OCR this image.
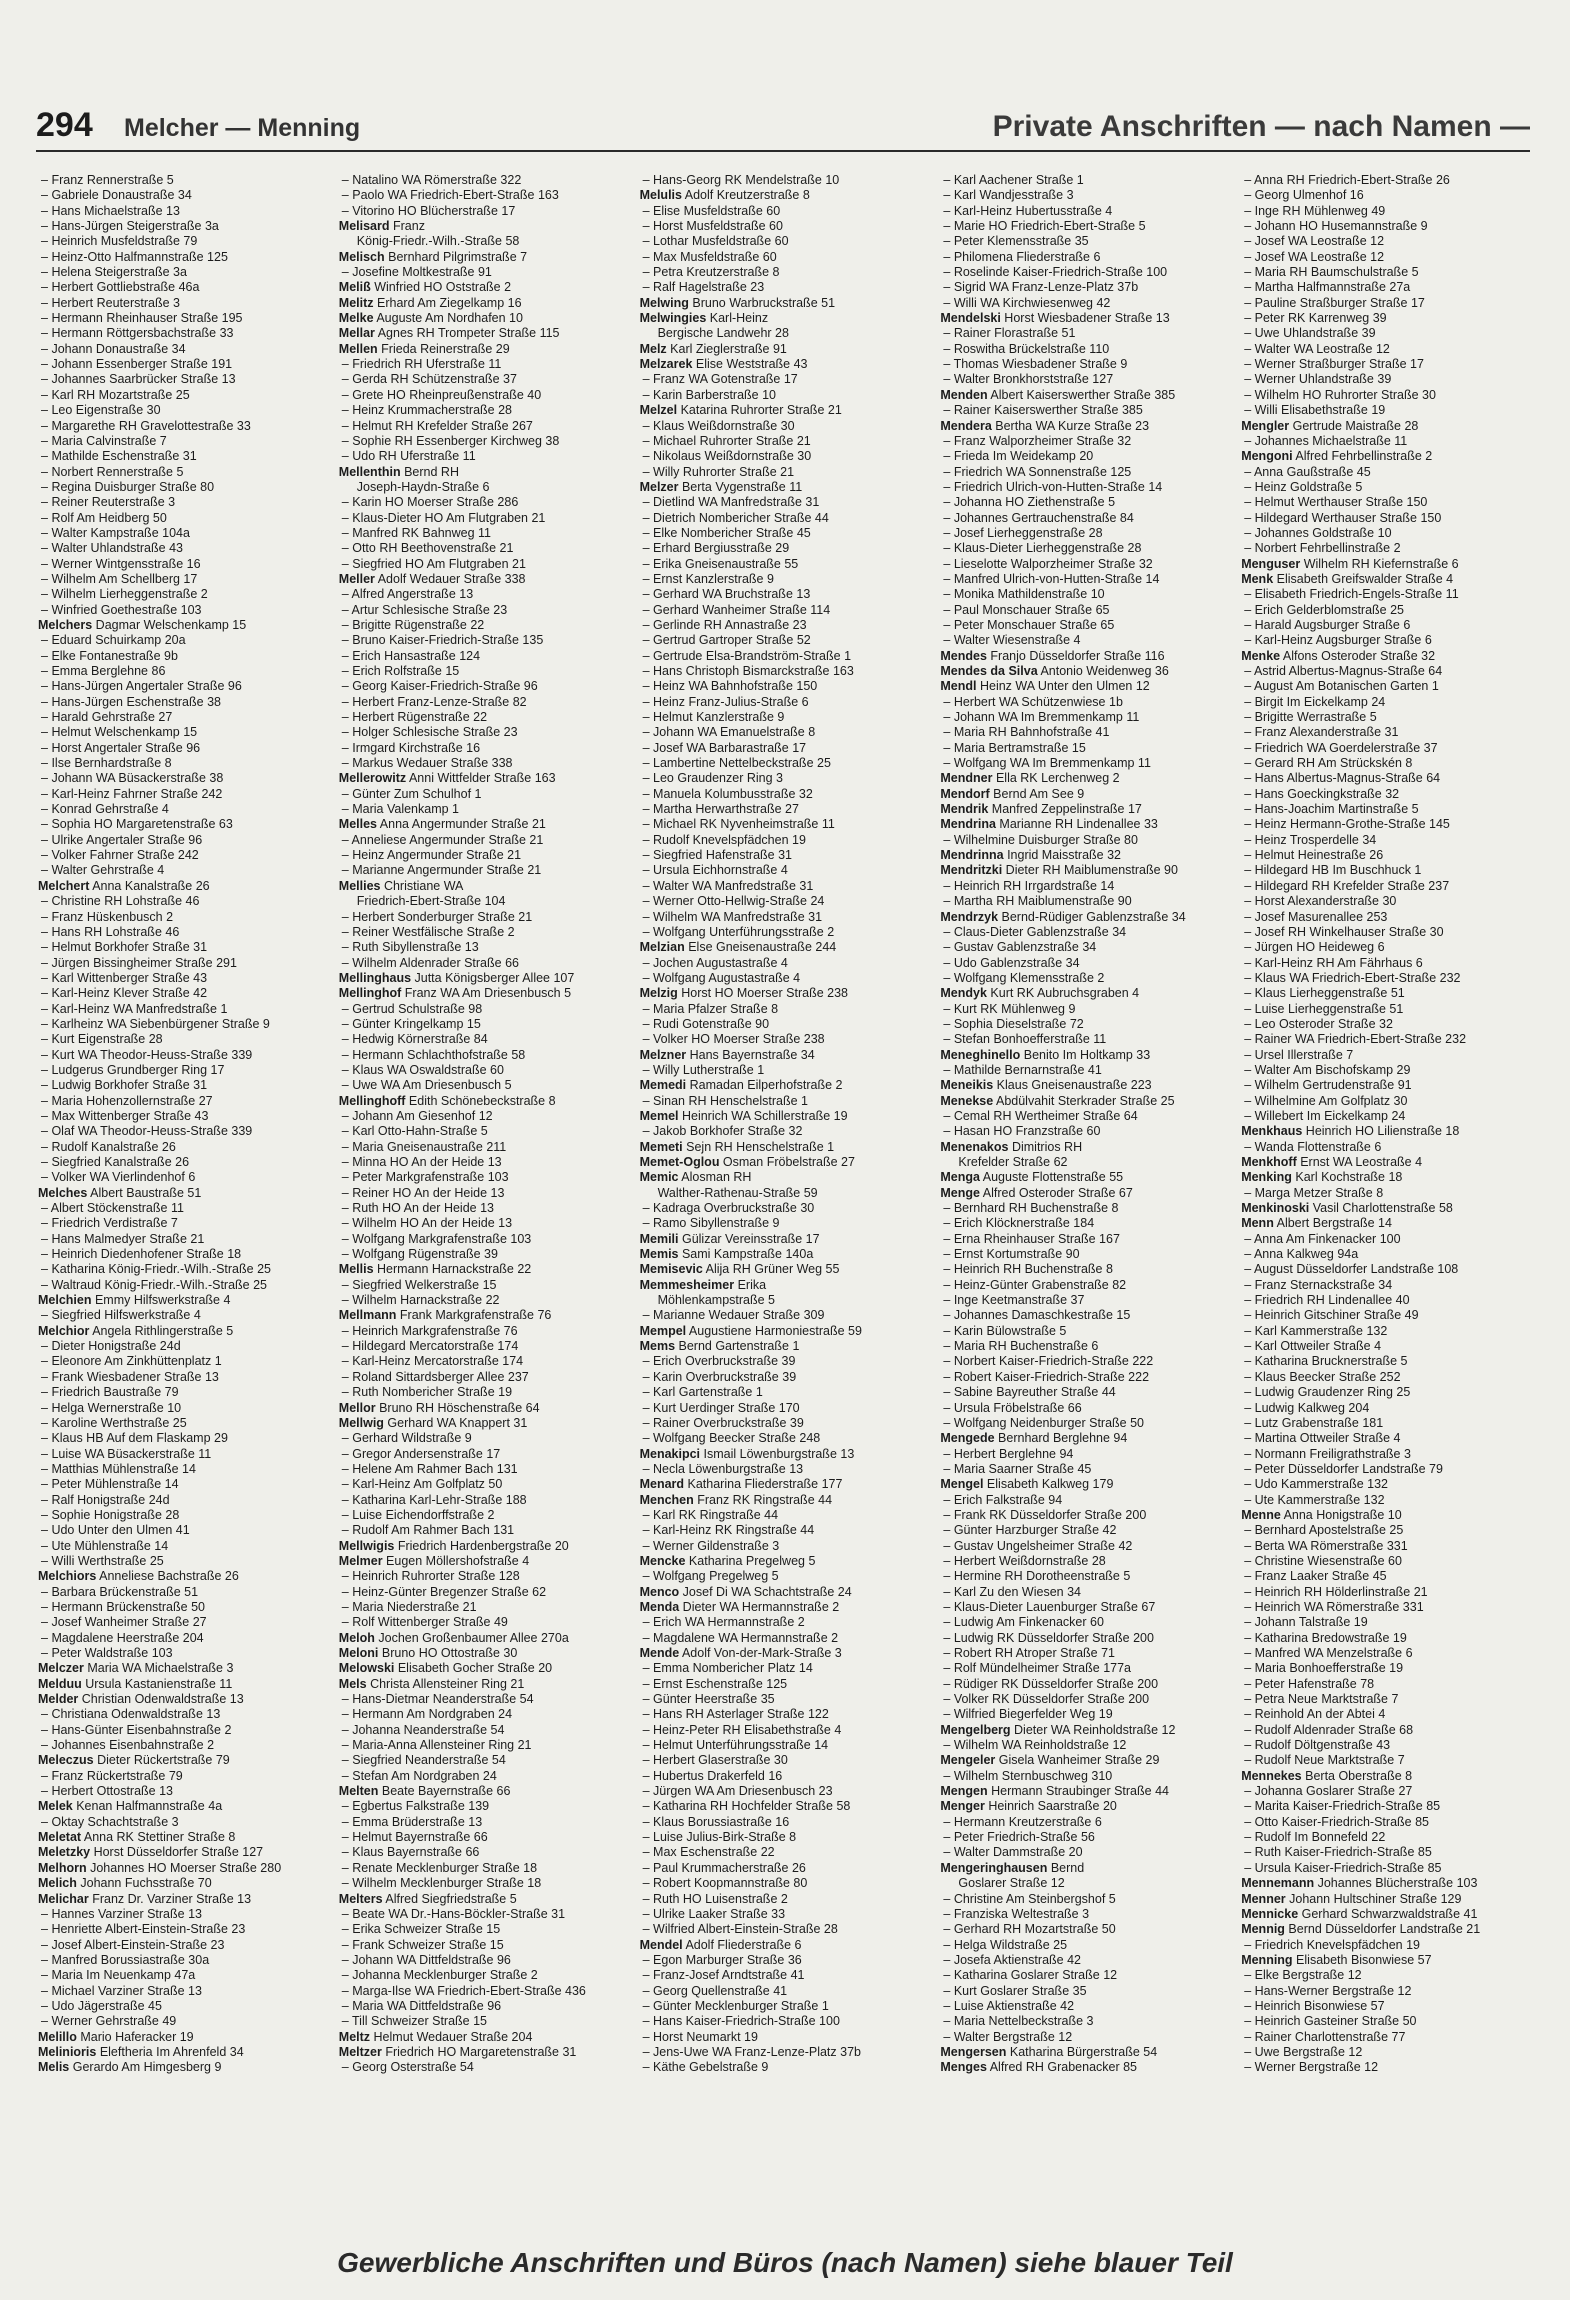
294 Melcher — Menning	Private Anschriften — nach Namen —
– Franz Rennerstraße 5
– Gabriele Donaustraße 34
– Hans Michaelstraße 13
– Hans-Jürgen Steigerstraße 3a
– Heinrich Musfeldstraße 79
– Heinz-Otto Halfmannstraße 125
– Helena Steigerstraße 3a
– Herbert Gottliebstraße 46a
– Herbert Reuterstraße 3
– Hermann Rheinhauser Straße 195
– Hermann Röttgersbachstraße 33
– Johann Donaustraße 34
– Johann Essenberger Straße 191
– Johannes Saarbrücker Straße 13
– Karl RH Mozartstraße 25
– Leo Eigenstraße 30
– Margarethe RH Gravelottestraße 33
– Maria Calvinstraße 7
– Mathilde Eschenstraße 31
– Norbert Rennerstraße 5
– Regina Duisburger Straße 80
– Reiner Reuterstraße 3
– Rolf Am Heidberg 50
– Walter Kampstraße 104a
– Walter Uhlandstraße 43
– Werner Wintgensstraße 16
– Wilhelm Am Schellberg 17
– Wilhelm Lierheggenstraße 2
– Winfried Goethestraße 103
Melchers Dagmar Welschenkamp 15
– Eduard Schuirkamp 20a
– Elke Fontanestraße 9b
– Emma Berglehne 86
– Hans-Jürgen Angertaler Straße 96
– Hans-Jürgen Eschenstraße 38
– Harald Gehrstraße 27
– Helmut Welschenkamp 15
– Horst Angertaler Straße 96
– Ilse Bernhardstraße 8
– Johann WA Büsackerstraße 38
– Karl-Heinz Fahrner Straße 242
– Konrad Gehrstraße 4
– Sophia HO Margaretenstraße 63
– Ulrike Angertaler Straße 96
– Volker Fahrner Straße 242
– Walter Gehrstraße 4
Melchert Anna Kanalstraße 26
– Christine RH Lohstraße 46
– Franz Hüskenbusch 2
– Hans RH Lohstraße 46
– Helmut Borkhofer Straße 31
– Jürgen Bissingheimer Straße 291
– Karl Wittenberger Straße 43
– Karl-Heinz Klever Straße 42
– Karl-Heinz WA Manfredstraße 1
– Karlheinz WA Siebenbürgener Straße 9
– Kurt Eigenstraße 28
– Kurt WA Theodor-Heuss-Straße 339
– Ludgerus Grundberger Ring 17
– Ludwig Borkhofer Straße 31
– Maria Hohenzollernstraße 27
– Max Wittenberger Straße 43
– Olaf WA Theodor-Heuss-Straße 339
– Rudolf Kanalstraße 26
– Siegfried Kanalstraße 26
– Volker WA Vierlindenhof 6
Melches Albert Baustraße 51
– Albert Stöckenstraße 11
– Friedrich Verdistraße 7
– Hans Malmedyer Straße 21
– Heinrich Diedenhofener Straße 18
– Katharina König-Friedr.-Wilh.-Straße 25
– Waltraud König-Friedr.-Wilh.-Straße 25
Melchien Emmy Hilfswerkstraße 4
– Siegfried Hilfswerkstraße 4
Melchior Angela Rithlingerstraße 5
– Dieter Honigstraße 24d
– Eleonore Am Zinkhüttenplatz 1
– Frank Wiesbadener Straße 13
– Friedrich Baustraße 79
– Helga Wernerstraße 10
– Karoline Werthstraße 25
– Klaus HB Auf dem Flaskamp 29
– Luise WA Büsackerstraße 11
– Matthias Mühlenstraße 14
– Peter Mühlenstraße 14
– Ralf Honigstraße 24d
– Sophie Honigstraße 28
– Udo Unter den Ulmen 41
– Ute Mühlenstraße 14
– Willi Werthstraße 25
Melchiors Anneliese Bachstraße 26
– Barbara Brückenstraße 51
– Hermann Brückenstraße 50
– Josef Wanheimer Straße 27
– Magdalene Heerstraße 204
– Peter Waldstraße 103
Melczer Maria WA Michaelstraße 3
Melduu Ursula Kastanienstraße 11
Melder Christian Odenwaldstraße 13
– Christiana Odenwaldstraße 13
– Hans-Günter Eisenbahnstraße 2
– Johannes Eisenbahnstraße 2
Meleczus Dieter Rückertstraße 79
– Franz Rückertstraße 79
– Herbert Ottostraße 13
Melek Kenan Halfmannstraße 4a
– Oktay Schachtstraße 3
Meletat Anna RK Stettiner Straße 8
Meletzky Horst Düsseldorfer Straße 127
Melhorn Johannes HO Moerser Straße 280
Melich Johann Fuchsstraße 70
Melichar Franz Dr. Varziner Straße 13
– Hannes Varziner Straße 13
– Henriette Albert-Einstein-Straße 23
– Josef Albert-Einstein-Straße 23
– Manfred Borussiastraße 30a
– Maria Im Neuenkamp 47a
– Michael Varziner Straße 13
– Udo Jägerstraße 45
– Werner Gehrstraße 49
Melillo Mario Haferacker 19
Melinioris Eleftheria Im Ahrenfeld 34
Melis Gerardo Am Himgesberg 9
– Natalino WA Römerstraße 322
– Paolo WA Friedrich-Ebert-Straße 163
– Vitorino HO Blücherstraße 17
Melisard Franz
König-Friedr.-Wilh.-Straße 58
Melisch Bernhard Pilgrimstraße 7
– Josefine Moltkestraße 91
Meliß Winfried HO Oststraße 2
Melitz Erhard Am Ziegelkamp 16
Melke Auguste Am Nordhafen 10
Mellar Agnes RH Trompeter Straße 115
Mellen Frieda Reinerstraße 29
– Friedrich RH Uferstraße 11
– Gerda RH Schützenstraße 37
– Grete HO Rheinpreußenstraße 40
– Heinz Krummacherstraße 28
– Helmut RH Krefelder Straße 267
– Sophie RH Essenberger Kirchweg 38
– Udo RH Uferstraße 11
Mellenthin Bernd RH
Joseph-Haydn-Straße 6
– Karin HO Moerser Straße 286
– Klaus-Dieter HO Am Flutgraben 21
– Manfred RK Bahnweg 11
– Otto RH Beethovenstraße 21
– Siegfried HO Am Flutgraben 21
Meller Adolf Wedauer Straße 338
– Alfred Angerstraße 13
– Artur Schlesische Straße 23
– Brigitte Rügenstraße 22
– Bruno Kaiser-Friedrich-Straße 135
– Erich Hansastraße 124
– Erich Rolfstraße 15
– Georg Kaiser-Friedrich-Straße 96
– Herbert Franz-Lenze-Straße 82
– Herbert Rügenstraße 22
– Holger Schlesische Straße 23
– Irmgard Kirchstraße 16
– Markus Wedauer Straße 338
Mellerowitz Anni Wittfelder Straße 163
– Günter Zum Schulhof 1
– Maria Valenkamp 1
Melles Anna Angermunder Straße 21
– Anneliese Angermunder Straße 21
– Heinz Angermunder Straße 21
– Marianne Angermunder Straße 21
Mellies Christiane WA
Friedrich-Ebert-Straße 104
– Herbert Sonderburger Straße 21
– Reiner Westfälische Straße 2
– Ruth Sibyllenstraße 13
– Wilhelm Aldenrader Straße 66
Mellinghaus Jutta Königsberger Allee 107
Mellinghof Franz WA Am Driesenbusch 5
– Gertrud Schulstraße 98
– Günter Kringelkamp 15
– Hedwig Körnerstraße 84
– Hermann Schlachthofstraße 58
– Klaus WA Oswaldstraße 60
– Uwe WA Am Driesenbusch 5
Mellinghoff Edith Schönebeckstraße 8
– Johann Am Giesenhof 12
– Karl Otto-Hahn-Straße 5
– Maria Gneisenaustraße 211
– Minna HO An der Heide 13
– Peter Markgrafenstraße 103
– Reiner HO An der Heide 13
– Ruth HO An der Heide 13
– Wilhelm HO An der Heide 13
– Wolfgang Markgrafenstraße 103
– Wolfgang Rügenstraße 39
Mellis Hermann Harnackstraße 22
– Siegfried Welkerstraße 15
– Wilhelm Harnackstraße 22
Mellmann Frank Markgrafenstraße 76
– Heinrich Markgrafenstraße 76
– Hildegard Mercatorstraße 174
– Karl-Heinz Mercatorstraße 174
– Roland Sittardsberger Allee 237
– Ruth Nombericher Straße 19
Mellor Bruno RH Höschenstraße 64
Mellwig Gerhard WA Knappert 31
– Gerhard Wildstraße 9
– Gregor Andersenstraße 17
– Helene Am Rahmer Bach 131
– Karl-Heinz Am Golfplatz 50
– Katharina Karl-Lehr-Straße 188
– Luise Eichendorffstraße 2
– Rudolf Am Rahmer Bach 131
Mellwigis Friedrich Hardenbergstraße 20
Melmer Eugen Möllershofstraße 4
– Heinrich Ruhrorter Straße 128
– Heinz-Günter Bregenzer Straße 62
– Maria Niederstraße 21
– Rolf Wittenberger Straße 49
Meloh Jochen Großenbaumer Allee 270a
Meloni Bruno HO Ottostraße 30
Melowski Elisabeth Gocher Straße 20
Mels Christa Allensteiner Ring 21
– Hans-Dietmar Neanderstraße 54
– Hermann Am Nordgraben 24
– Johanna Neanderstraße 54
– Maria-Anna Allensteiner Ring 21
– Siegfried Neanderstraße 54
– Stefan Am Nordgraben 24
Melten Beate Bayernstraße 66
– Egbertus Falkstraße 139
– Emma Brüderstraße 13
– Helmut Bayernstraße 66
– Klaus Bayernstraße 66
– Renate Mecklenburger Straße 18
– Wilhelm Mecklenburger Straße 18
Melters Alfred Siegfriedstraße 5
– Beate WA Dr.-Hans-Böckler-Straße 31
– Erika Schweizer Straße 15
– Frank Schweizer Straße 15
– Johann WA Dittfeldstraße 96
– Johanna Mecklenburger Straße 2
– Marga-Ilse WA Friedrich-Ebert-Straße 436
– Maria WA Dittfeldstraße 96
– Till Schweizer Straße 15
Meltz Helmut Wedauer Straße 204
Meltzer Friedrich HO Margaretenstraße 31
– Georg Osterstraße 54
– Hans-Georg RK Mendelstraße 10
Melulis Adolf Kreutzerstraße 8
– Elise Musfeldstraße 60
– Horst Musfeldstraße 60
– Lothar Musfeldstraße 60
– Max Musfeldstraße 60
– Petra Kreutzerstraße 8
– Ralf Hagelstraße 23
Melwing Bruno Warbruckstraße 51
Melwingies Karl-Heinz
Bergische Landwehr 28
Melz Karl Zieglerstraße 91
Melzarek Elise Weststraße 43
– Franz WA Gotenstraße 17
– Karin Barberstraße 10
Melzel Katarina Ruhrorter Straße 21
– Klaus Weißdornstraße 30
– Michael Ruhrorter Straße 21
– Nikolaus Weißdornstraße 30
– Willy Ruhrorter Straße 21
Melzer Berta Vygenstraße 11
– Dietlind WA Manfredstraße 31
– Dietrich Nombericher Straße 44
– Elke Nombericher Straße 45
– Erhard Bergiusstraße 29
– Erika Gneisenaustraße 55
– Ernst Kanzlerstraße 9
– Gerhard WA Bruchstraße 13
– Gerhard Wanheimer Straße 114
– Gerlinde RH Annastraße 23
– Gertrud Gartroper Straße 52
– Gertrude Elsa-Brandström-Straße 1
– Hans Christoph Bismarckstraße 163
– Heinz WA Bahnhofstraße 150
– Heinz Franz-Julius-Straße 6
– Helmut Kanzlerstraße 9
– Johann WA Emanuelstraße 8
– Josef WA Barbarastraße 17
– Lambertine Nettelbeckstraße 25
– Leo Graudenzer Ring 3
– Manuela Kolumbusstraße 32
– Martha Herwarthstraße 27
– Michael RK Nyvenheimstraße 11
– Rudolf Knevelspfädchen 19
– Siegfried Hafenstraße 31
– Ursula Eichhornstraße 4
– Walter WA Manfredstraße 31
– Werner Otto-Hellwig-Straße 24
– Wilhelm WA Manfredstraße 31
– Wolfgang Unterführungsstraße 2
Melzian Else Gneisenaustraße 244
– Jochen Augustastraße 4
– Wolfgang Augustastraße 4
Melzig Horst HO Moerser Straße 238
– Maria Pfalzer Straße 8
– Rudi Gotenstraße 90
– Volker HO Moerser Straße 238
Melzner Hans Bayernstraße 34
– Willy Lutherstraße 1
Memedi Ramadan Eilperhofstraße 2
– Sinan RH Henschelstraße 1
Memel Heinrich WA Schillerstraße 19
– Jakob Borkhofer Straße 32
Memeti Sejn RH Henschelstraße 1
Memet-Oglou Osman Fröbelstraße 27
Memic Alosman RH
Walther-Rathenau-Straße 59
– Kadraga Overbruckstraße 30
– Ramo Sibyllenstraße 9
Memili Gülizar Vereinsstraße 17
Memis Sami Kampstraße 140a
Memisevic Alija RH Grüner Weg 55
Memmesheimer Erika
Möhlenkampstraße 5
– Marianne Wedauer Straße 309
Mempel Augustiene Harmoniestraße 59
Mems Bernd Gartenstraße 1
– Erich Overbruckstraße 39
– Karin Overbruckstraße 39
– Karl Gartenstraße 1
– Kurt Uerdinger Straße 170
– Rainer Overbruckstraße 39
– Wolfgang Beecker Straße 248
Menakipci Ismail Löwenburgstraße 13
– Necla Löwenburgstraße 13
Menard Katharina Fliederstraße 177
Menchen Franz RK Ringstraße 44
– Karl RK Ringstraße 44
– Karl-Heinz RK Ringstraße 44
– Werner Gildenstraße 3
Mencke Katharina Pregelweg 5
– Wolfgang Pregelweg 5
Menco Josef Di WA Schachtstraße 24
Menda Dieter WA Hermannstraße 2
– Erich WA Hermannstraße 2
– Magdalene WA Hermannstraße 2
Mende Adolf Von-der-Mark-Straße 3
– Emma Nombericher Platz 14
– Ernst Eschenstraße 125
– Günter Heerstraße 35
– Hans RH Asterlager Straße 122
– Heinz-Peter RH Elisabethstraße 4
– Helmut Unterführungsstraße 14
– Herbert Glaserstraße 30
– Hubertus Drakerfeld 16
– Jürgen WA Am Driesenbusch 23
– Katharina RH Hochfelder Straße 58
– Klaus Borussiastraße 16
– Luise Julius-Birk-Straße 8
– Max Eschenstraße 22
– Paul Krummacherstraße 26
– Robert Koopmannstraße 80
– Ruth HO Luisenstraße 2
– Ulrike Laaker Straße 33
– Wilfried Albert-Einstein-Straße 28
Mendel Adolf Fliederstraße 6
– Egon Marburger Straße 36
– Franz-Josef Arndtstraße 41
– Georg Quellenstraße 41
– Günter Mecklenburger Straße 1
– Hans Kaiser-Friedrich-Straße 100
– Horst Neumarkt 19
– Jens-Uwe WA Franz-Lenze-Platz 37b
– Käthe Gebelstraße 9
– Karl Aachener Straße 1
– Karl Wandjesstraße 3
– Karl-Heinz Hubertusstraße 4
– Marie HO Friedrich-Ebert-Straße 5
– Peter Klemensstraße 35
– Philomena Fliederstraße 6
– Roselinde Kaiser-Friedrich-Straße 100
– Sigrid WA Franz-Lenze-Platz 37b
– Willi WA Kirchwiesenweg 42
Mendelski Horst Wiesbadener Straße 13
– Rainer Florastraße 51
– Roswitha Brückelstraße 110
– Thomas Wiesbadener Straße 9
– Walter Bronkhorststraße 127
Menden Albert Kaiserswerther Straße 385
– Rainer Kaiserswerther Straße 385
Mendera Bertha WA Kurze Straße 23
– Franz Walporzheimer Straße 32
– Frieda Im Weidekamp 20
– Friedrich WA Sonnenstraße 125
– Friedrich Ulrich-von-Hutten-Straße 14
– Johanna HO Ziethenstraße 5
– Johannes Gertrauchenstraße 84
– Josef Lierheggenstraße 28
– Klaus-Dieter Lierheggenstraße 28
– Lieselotte Walporzheimer Straße 32
– Manfred Ulrich-von-Hutten-Straße 14
– Monika Mathildenstraße 10
– Paul Monschauer Straße 65
– Peter Monschauer Straße 65
– Walter Wiesenstraße 4
Mendes Franjo Düsseldorfer Straße 116
Mendes da Silva Antonio Weidenweg 36
Mendl Heinz WA Unter den Ulmen 12
– Herbert WA Schützenwiese 1b
– Johann WA Im Bremmenkamp 11
– Maria RH Bahnhofstraße 41
– Maria Bertramstraße 15
– Wolfgang WA Im Bremmenkamp 11
Mendner Ella RK Lerchenweg 2
Mendorf Bernd Am See 9
Mendrik Manfred Zeppelinstraße 17
Mendrina Marianne RH Lindenallee 33
– Wilhelmine Duisburger Straße 80
Mendrinna Ingrid Maisstraße 32
Mendritzki Dieter RH Maiblumenstraße 90
– Heinrich RH Irrgardstraße 14
– Martha RH Maiblumenstraße 90
Mendrzyk Bernd-Rüdiger Gablenzstraße 34
– Claus-Dieter Gablenzstraße 34
– Gustav Gablenzstraße 34
– Udo Gablenzstraße 34
– Wolfgang Klemensstraße 2
Mendyk Kurt RK Aubruchsgraben 4
– Kurt RK Mühlenweg 9
– Sophia Dieselstraße 72
– Stefan Bonhoefferstraße 11
Meneghinello Benito Im Holtkamp 33
– Mathilde Bernarnstraße 41
Meneikis Klaus Gneisenaustraße 223
Menekse Abdülvahit Sterkrader Straße 25
– Cemal RH Wertheimer Straße 64
– Hasan HO Franzstraße 60
Menenakos Dimitrios RH
Krefelder Straße 62
Menga Auguste Flottenstraße 55
Menge Alfred Osteroder Straße 67
– Bernhard RH Buchenstraße 8
– Erich Klöcknerstraße 184
– Erna Rheinhauser Straße 167
– Ernst Kortumstraße 90
– Heinrich RH Buchenstraße 8
– Heinz-Günter Grabenstraße 82
– Inge Keetmanstraße 37
– Johannes Damaschkestraße 15
– Karin Bülowstraße 5
– Maria RH Buchenstraße 6
– Norbert Kaiser-Friedrich-Straße 222
– Robert Kaiser-Friedrich-Straße 222
– Sabine Bayreuther Straße 44
– Ursula Fröbelstraße 66
– Wolfgang Neidenburger Straße 50
Mengede Bernhard Berglehne 94
– Herbert Berglehne 94
– Maria Saarner Straße 45
Mengel Elisabeth Kalkweg 179
– Erich Falkstraße 94
– Frank RK Düsseldorfer Straße 200
– Günter Harzburger Straße 42
– Gustav Ungelsheimer Straße 42
– Herbert Weißdornstraße 28
– Hermine RH Dorotheenstraße 5
– Karl Zu den Wiesen 34
– Klaus-Dieter Lauenburger Straße 67
– Ludwig Am Finkenacker 60
– Ludwig RK Düsseldorfer Straße 200
– Robert RH Atroper Straße 71
– Rolf Mündelheimer Straße 177a
– Rüdiger RK Düsseldorfer Straße 200
– Volker RK Düsseldorfer Straße 200
– Wilfried Biegerfelder Weg 19
Mengelberg Dieter WA Reinholdstraße 12
– Wilhelm WA Reinholdstraße 12
Mengeler Gisela Wanheimer Straße 29
– Wilhelm Sternbuschweg 310
Mengen Hermann Straubinger Straße 44
Menger Heinrich Saarstraße 20
– Hermann Kreutzerstraße 6
– Peter Friedrich-Straße 56
– Walter Dammstraße 20
Mengeringhausen Bernd
Goslarer Straße 12
– Christine Am Steinbergshof 5
– Franziska Weltestraße 3
– Gerhard RH Mozartstraße 50
– Helga Wildstraße 25
– Josefa Aktienstraße 42
– Katharina Goslarer Straße 12
– Kurt Goslarer Straße 35
– Luise Aktienstraße 42
– Maria Nettelbeckstraße 3
– Walter Bergstraße 12
Mengersen Katharina Bürgerstraße 54
Menges Alfred RH Grabenacker 85
– Anna RH Friedrich-Ebert-Straße 26
– Georg Ulmenhof 16
– Inge RH Mühlenweg 49
– Johann HO Husemannstraße 9
– Josef WA Leostraße 12
– Josef WA Leostraße 12
– Maria RH Baumschulstraße 5
– Martha Halfmannstraße 27a
– Pauline Straßburger Straße 17
– Peter RK Karrenweg 39
– Uwe Uhlandstraße 39
– Walter WA Leostraße 12
– Werner Straßburger Straße 17
– Werner Uhlandstraße 39
– Wilhelm HO Ruhrorter Straße 30
– Willi Elisabethstraße 19
Mengler Gertrude Maistraße 28
– Johannes Michaelstraße 11
Mengoni Alfred Fehrbellinstraße 2
– Anna Gaußstraße 45
– Heinz Goldstraße 5
– Helmut Werthauser Straße 150
– Hildegard Werthauser Straße 150
– Johannes Goldstraße 10
– Norbert Fehrbellinstraße 2
Menguser Wilhelm RH Kiefernstraße 6
Menk Elisabeth Greifswalder Straße 4
– Elisabeth Friedrich-Engels-Straße 11
– Erich Gelderblomstraße 25
– Harald Augsburger Straße 6
– Karl-Heinz Augsburger Straße 6
Menke Alfons Osteroder Straße 32
– Astrid Albertus-Magnus-Straße 64
– August Am Botanischen Garten 1
– Birgit Im Eickelkamp 24
– Brigitte Werrastraße 5
– Franz Alexanderstraße 31
– Friedrich WA Goerdelerstraße 37
– Gerard RH Am Strückskén 8
– Hans Albertus-Magnus-Straße 64
– Hans Goeckingkstraße 32
– Hans-Joachim Martinstraße 5
– Heinz Hermann-Grothe-Straße 145
– Heinz Trosperdelle 34
– Helmut Heinestraße 26
– Hildegard HB Im Buschhuck 1
– Hildegard RH Krefelder Straße 237
– Horst Alexanderstraße 30
– Josef Masurenallee 253
– Josef RH Winkelhauser Straße 30
– Jürgen HO Heideweg 6
– Karl-Heinz RH Am Fährhaus 6
– Klaus WA Friedrich-Ebert-Straße 232
– Klaus Lierheggenstraße 51
– Luise Lierheggenstraße 51
– Leo Osteroder Straße 32
– Rainer WA Friedrich-Ebert-Straße 232
– Ursel Illerstraße 7
– Walter Am Bischofskamp 29
– Wilhelm Gertrudenstraße 91
– Wilhelmine Am Golfplatz 30
– Willebert Im Eickelkamp 24
Menkhaus Heinrich HO Lilienstraße 18
– Wanda Flottenstraße 6
Menkhoff Ernst WA Leostraße 4
Menking Karl Kochstraße 18
– Marga Metzer Straße 8
Menkinoski Vasil Charlottenstraße 58
Menn Albert Bergstraße 14
– Anna Am Finkenacker 100
– Anna Kalkweg 94a
– August Düsseldorfer Landstraße 108
– Franz Sternackstraße 34
– Friedrich RH Lindenallee 40
– Heinrich Gitschiner Straße 49
– Karl Kammerstraße 132
– Karl Ottweiler Straße 4
– Katharina Brucknerstraße 5
– Klaus Beecker Straße 252
– Ludwig Graudenzer Ring 25
– Ludwig Kalkweg 204
– Lutz Grabenstraße 181
– Martina Ottweiler Straße 4
– Normann Freiligrathstraße 3
– Peter Düsseldorfer Landstraße 79
– Udo Kammerstraße 132
– Ute Kammerstraße 132
Menne Anna Honigstraße 10
– Bernhard Apostelstraße 25
– Berta WA Römerstraße 331
– Christine Wiesenstraße 60
– Franz Laaker Straße 45
– Heinrich RH Hölderlinstraße 21
– Heinrich WA Römerstraße 331
– Johann Talstraße 19
– Katharina Bredowstraße 19
– Manfred WA Menzelstraße 6
– Maria Bonhoefferstraße 19
– Peter Hafenstraße 78
– Petra Neue Marktstraße 7
– Reinhold An der Abtei 4
– Rudolf Aldenrader Straße 68
– Rudolf Döltgenstraße 43
– Rudolf Neue Marktstraße 7
Mennekes Berta Oberstraße 8
– Johanna Goslarer Straße 27
– Marita Kaiser-Friedrich-Straße 85
– Otto Kaiser-Friedrich-Straße 85
– Rudolf Im Bonnefeld 22
– Ruth Kaiser-Friedrich-Straße 85
– Ursula Kaiser-Friedrich-Straße 85
Mennemann Johannes Blücherstraße 103
Menner Johann Hultschiner Straße 129
Mennicke Gerhard Schwarzwaldstraße 41
Mennig Bernd Düsseldorfer Landstraße 21
– Friedrich Knevelspfädchen 19
Menning Elisabeth Bisonwiese 57
– Elke Bergstraße 12
– Hans-Werner Bergstraße 12
– Heinrich Bisonwiese 57
– Heinrich Gasteiner Straße 50
– Rainer Charlottenstraße 77
– Uwe Bergstraße 12
– Werner Bergstraße 12
Gewerbliche Anschriften und Büros (nach Namen) siehe blauer Teil
